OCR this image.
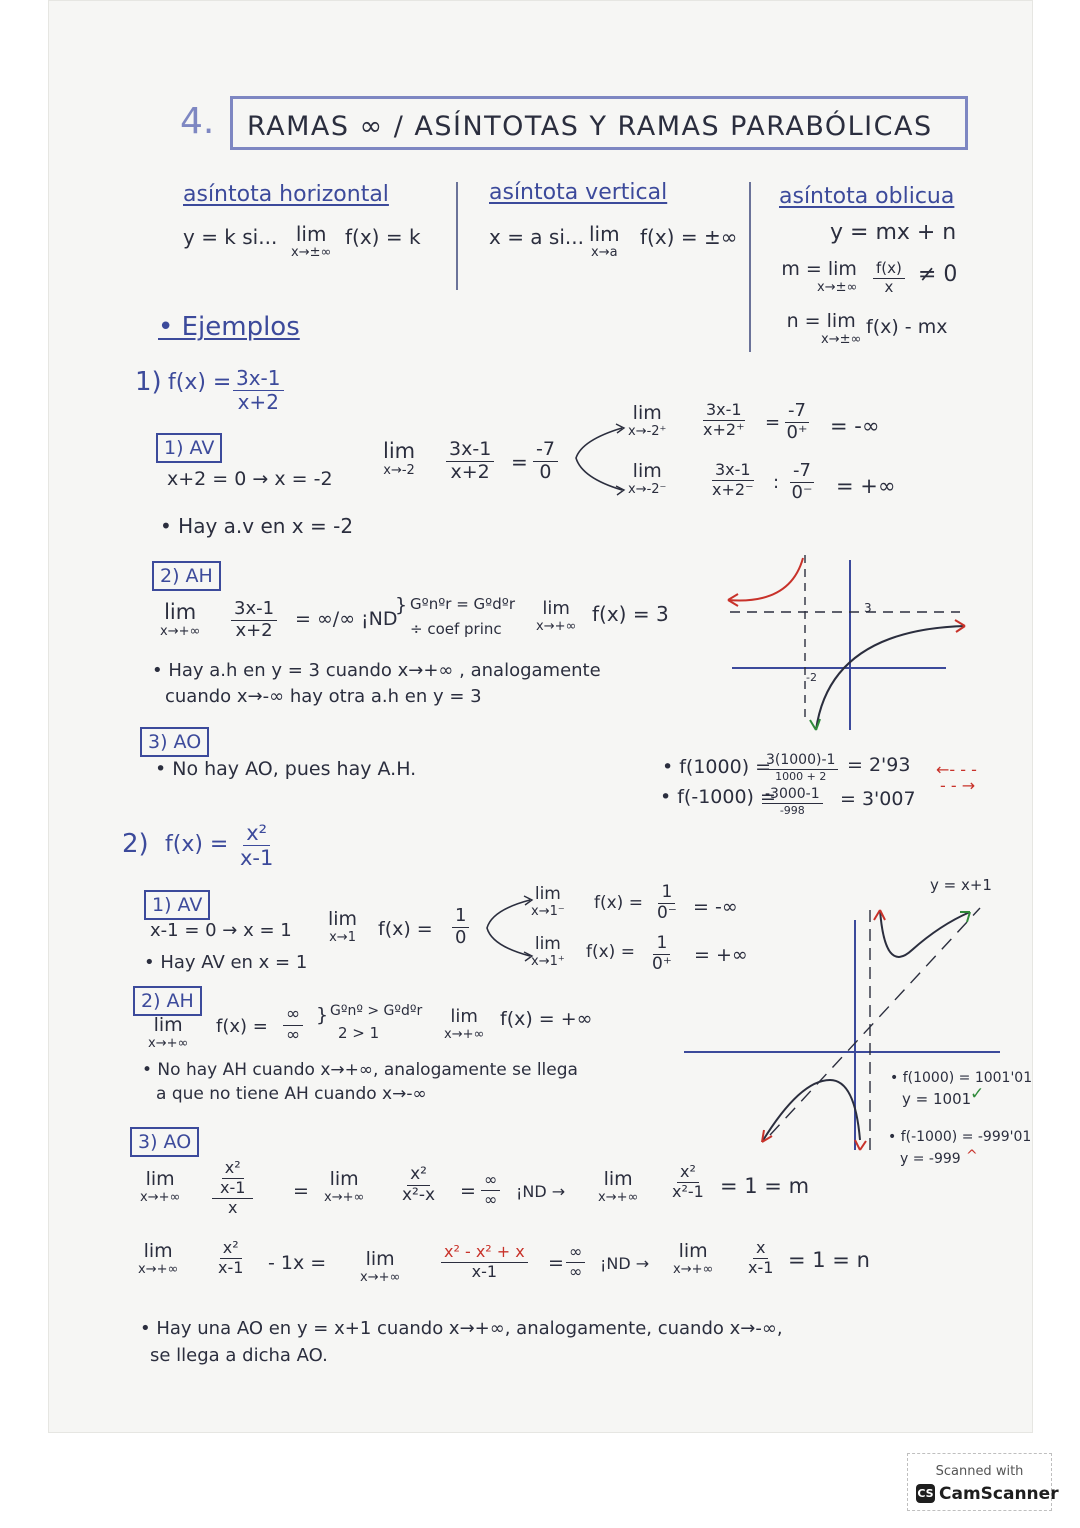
4. RAMAS ∞ / ASÍNTOTAS Y RAMAS PARABÓLICAS
asíntota horizontal
y = k si... lim
x→±∞
f(x) = k
asíntota vertical
x = a si... lim
x→a
f(x) = ±∞
asíntota oblicua
y = mx + n
m = lim
$x\to\pm\infty \frac{f(x)}{x} \ne 0$
n = lim
x→±∞
f(x) - mx
• Ejemplos
1) $f(x) = \frac{3x-1}{x+2}$
1) AV
x+2 = 0 → x = -2
lim
$x\to-2 \frac{3x-1}{x+2} = \frac{-7}{0}$
lim
$x\to-2^+ \frac{3x-1}{x+2^+} = \frac{-7}{0^+}$ = -∞
lim
x→-2⁻	$\frac{3x-1}{x+2^-}$ : $\frac{-7}{0^-}$ = +∞
• Hay a.v en x = -2
2) AH
lim
$x\to+\infty \frac{3x-1}{x+2}$ = ∞/∞ ¡ND
} Gºnºr = Gºdºr
÷ coef princ
lim
x→+∞
f(x) = 3
• Hay a.h en y = 3 cuando x→+∞ , analogamente
cuando x→-∞ hay otra a.h en y = 3
3) AO
• No hay AO, pues hay A.H.
3
-2
• f(1000) =
3(1000)-1
1000 + 2
= 2'93 ←- - -
• f(-1000) =
-3000-1
-998
= 3'007
- - →
2) $f(x) = \frac{\text{x²}}{x-1}$
1) AV
x-1 = 0 → x = 1
lim
x→1 $f(x) = \frac{1}{0}$
lim
x→1⁻ $f(x) = \frac{1}{0^-}$ = -∞
lim
x→1⁺ $f(x) = \frac{1}{0^+}$ = +∞
• Hay AV en x = 1
2) AH
lim
x→+∞
f(x) =
∞
∞
} Gºnº > Gºdºr
2 > 1
lim
x→+∞
f(x) = +∞
• No hay AH cuando x→+∞, analogamente se llega
a que no tiene AH cuando x→-∞
3) AO
lim
x→+∞
x²
x-1
x
=
lim
$x\to+\infty \frac{\text{x²}}{\text{x²-x}}$ =
∞
∞ ¡ND →
lim
$x\to+\infty \frac{\text{x²}}{\text{x²-1}} = 1 = m$
lim
$x\to+\infty \frac{\text{x²}}{x-1} - 1x = \lim$
x→+∞	$\frac{\text{x² - x² + x}}{x-1}$ =
∞
∞ ¡ND →
lim
$x\to+\infty \frac{x}{x-1} = 1 = n$
• Hay una AO en y = x+1 cuando x→+∞, analogamente, cuando x→-∞,
se llega a dicha AO.
y = x+1
• f(1000) = 1001'01
y = 1001
✓
• f(-1000) = -999'01
y = -999 ^
Scanned with
CS CamScanner
